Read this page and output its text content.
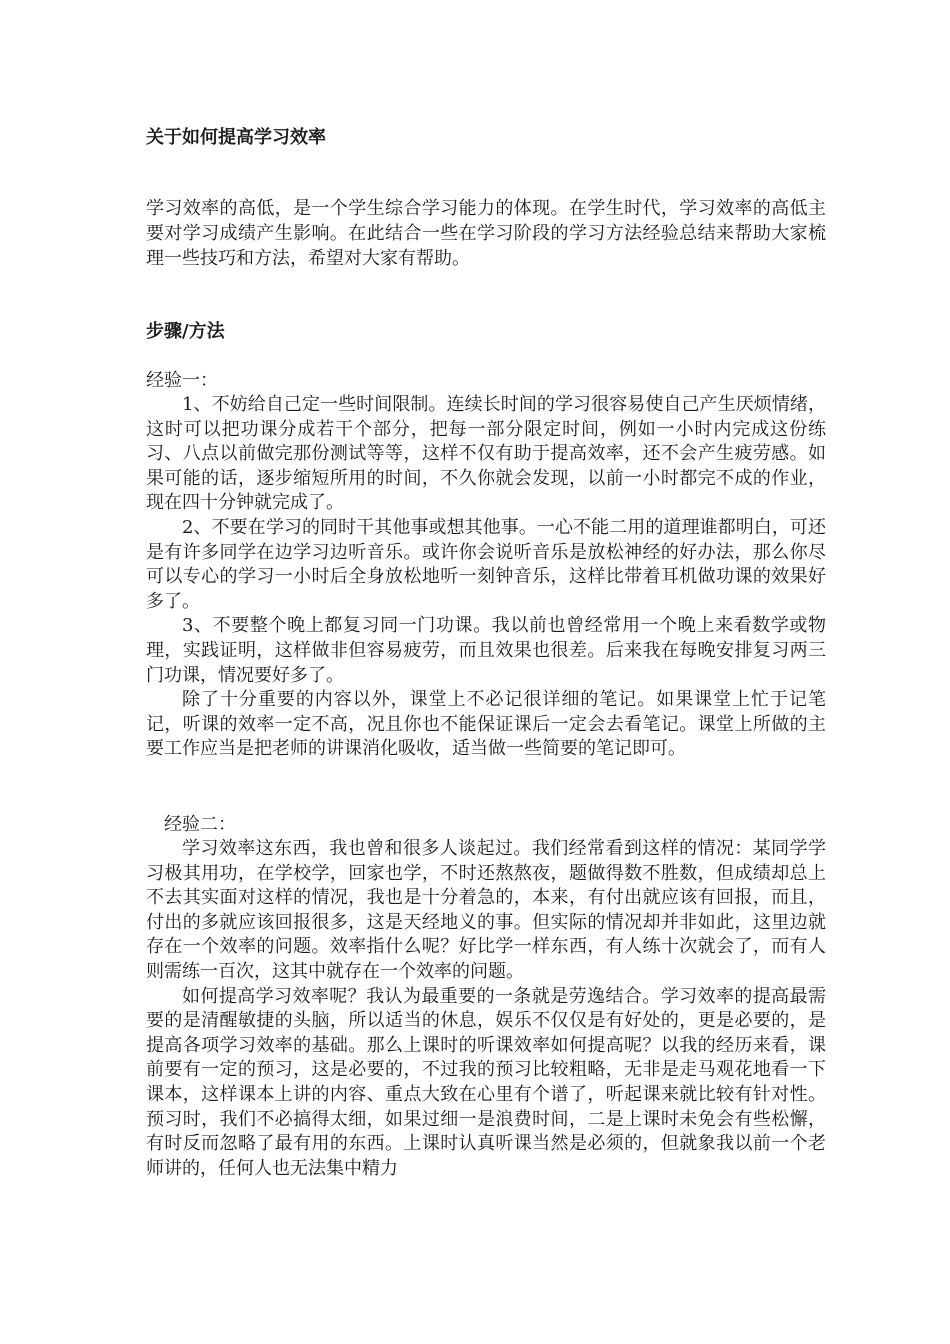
关于如何提高学习效率

学习效率的高低，是一个学生综合学习能力的体现。在学生时代，学习效率的高低主要对学习成绩产生影响。在此结合一些在学习阶段的学习方法经验总结来帮助大家梳理一些技巧和方法，希望对大家有帮助。

步骤/方法
经验一：

1、不妨给自己定一些时间限制。连续长时间的学习很容易使自己产生厌烦情绪，这时可以把功课分成若干个部分，把每一部分限定时间，例如一小时内完成这份练习、八点以前做完那份测试等等，这样不仅有助于提高效率，还不会产生疲劳感。如果可能的话，逐步缩短所用的时间，不久你就会发现，以前一小时都完不成的作业，现在四十分钟就完成了。

2、不要在学习的同时干其他事或想其他事。一心不能二用的道理谁都明白，可还是有许多同学在边学习边听音乐。或许你会说听音乐是放松神经的好办法，那么你尽可以专心的学习一小时后全身放松地听一刻钟音乐，这样比带着耳机做功课的效果好多了。

3、不要整个晚上都复习同一门功课。我以前也曾经常用一个晚上来看数学或物理，实践证明，这样做非但容易疲劳，而且效果也很差。后来我在每晚安排复习两三门功课，情况要好多了。

除了十分重要的内容以外，课堂上不必记很详细的笔记。如果课堂上忙于记笔记，听课的效率一定不高，况且你也不能保证课后一定会去看笔记。课堂上所做的主要工作应当是把老师的讲课消化吸收，适当做一些简要的笔记即可。

经验二：

学习效率这东西，我也曾和很多人谈起过。我们经常看到这样的情况：某同学学习极其用功，在学校学，回家也学，不时还熬熬夜，题做得数不胜数，但成绩却总上不去其实面对这样的情况，我也是十分着急的，本来，有付出就应该有回报，而且，付出的多就应该回报很多，这是天经地义的事。但实际的情况却并非如此，这里边就存在一个效率的问题。效率指什么呢？好比学一样东西，有人练十次就会了，而有人则需练一百次，这其中就存在一个效率的问题。

如何提高学习效率呢？我认为最重要的一条就是劳逸结合。学习效率的提高最需要的是清醒敏捷的头脑，所以适当的休息，娱乐不仅仅是有好处的，更是必要的，是提高各项学习效率的基础。那么上课时的听课效率如何提高呢？以我的经历来看，课前要有一定的预习，这是必要的，不过我的预习比较粗略，无非是走马观花地看一下课本，这样课本上讲的内容、重点大致在心里有个谱了，听起课来就比较有针对性。预习时，我们不必搞得太细，如果过细一是浪费时间，二是上课时未免会有些松懈，有时反而忽略了最有用的东西。上课时认真听课当然是必须的，但就象我以前一个老师讲的，任何人也无法集中精力
